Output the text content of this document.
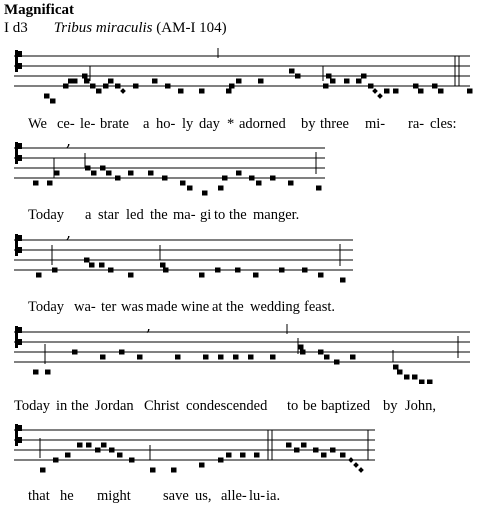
Magnificat
I d3 Tribus miraculis (AM-I 104)
We ce- le- brate a ho- ly day * adorned by three mi- ra- cles:
,
Today a star led the ma- gi to the manger.
,
Today wa- ter was made wine at the wedding feast.
,
Today in the Jordan Christ condescended to be baptized by John,
that he might save us, alle- lu- ia.
